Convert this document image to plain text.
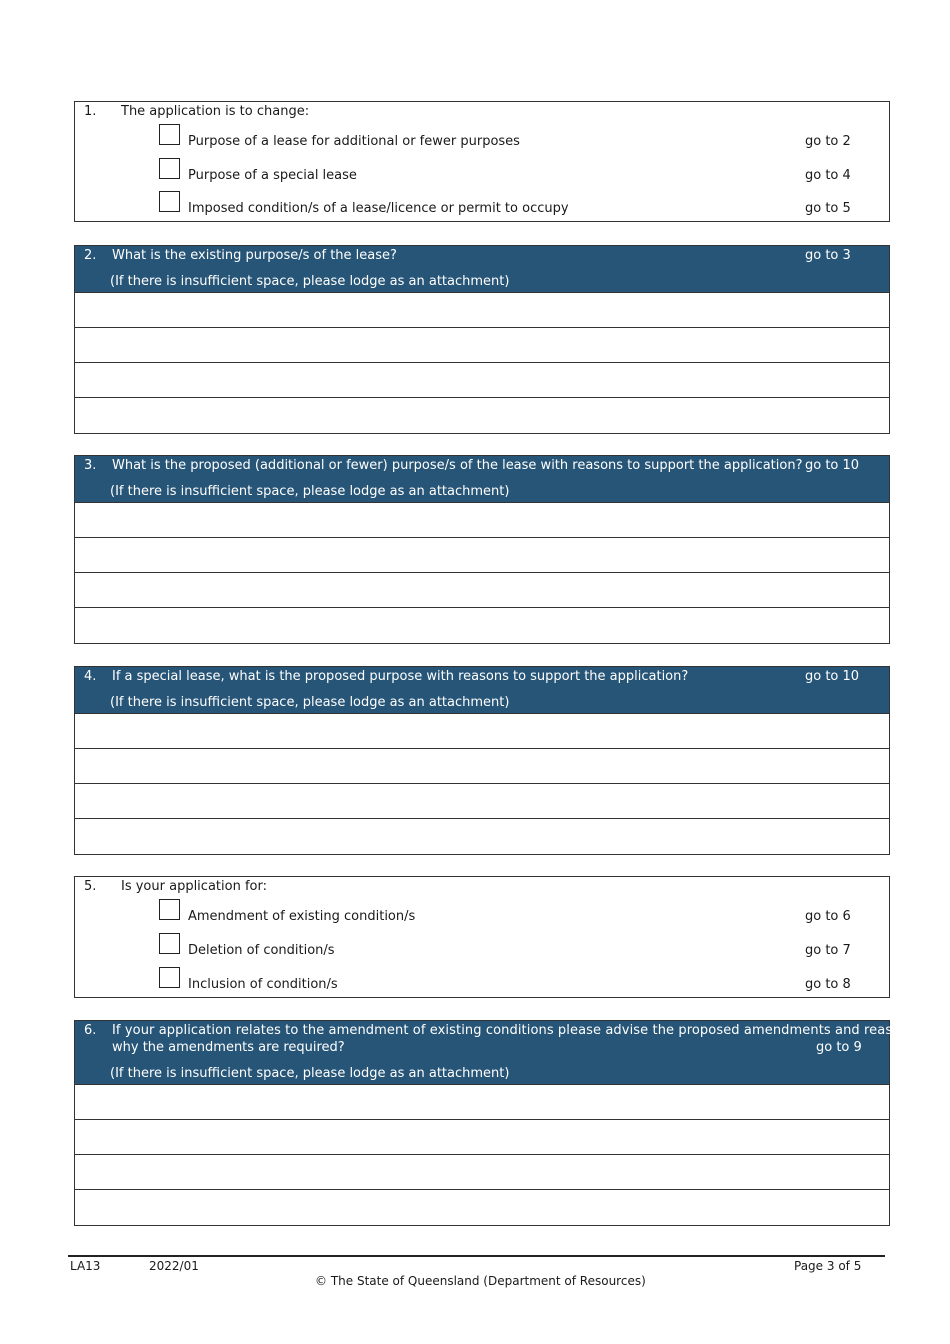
1. The application is to change:
Purpose of a lease for additional or fewer purposes	go to 2
Purpose of a special lease	go to 4
Imposed condition/s of a lease/licence or permit to occupy	go to 5
2. What is the existing purpose/s of the lease?	go to 3
(If there is insufficient space, please lodge as an attachment)
3. What is the proposed (additional or fewer) purpose/s of the lease with reasons to support the application? go to 10
(If there is insufficient space, please lodge as an attachment)
4. If a special lease, what is the proposed purpose with reasons to support the application?	go to 10
(If there is insufficient space, please lodge as an attachment)
5. Is your application for:
Amendment of existing condition/s	go to 6
Deletion of condition/s	go to 7
Inclusion of condition/s	go to 8
6. If your application relates to the amendment of existing conditions please advise the proposed amendments and reasons
why the amendments are required?	go to 9
(If there is insufficient space, please lodge as an attachment)
LA13	2022/01	Page 3 of 5
© The State of Queensland (Department of Resources)
